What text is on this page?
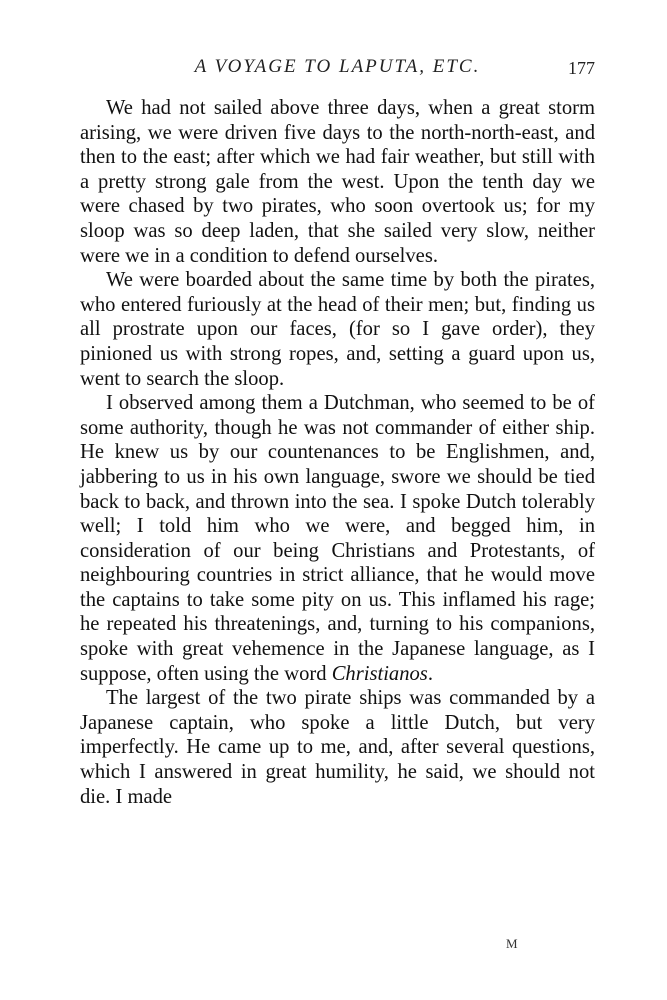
A VOYAGE TO LAPUTA, ETC.	177

We had not sailed above three days, when a great storm arising, we were driven five days to the north-north-east, and then to the east; after which we had fair weather, but still with a pretty strong gale from the west. Upon the tenth day we were chased by two pirates, who soon overtook us; for my sloop was so deep laden, that she sailed very slow, neither were we in a condition to defend ourselves.

We were boarded about the same time by both the pirates, who entered furiously at the head of their men; but, finding us all prostrate upon our faces, (for so I gave order), they pinioned us with strong ropes, and, setting a guard upon us, went to search the sloop.

I observed among them a Dutchman, who seemed to be of some authority, though he was not commander of either ship. He knew us by our countenances to be Englishmen, and, jabbering to us in his own language, swore we should be tied back to back, and thrown into the sea. I spoke Dutch tolerably well; I told him who we were, and begged him, in consideration of our being Christians and Protestants, of neighbouring countries in strict alliance, that he would move the captains to take some pity on us. This inflamed his rage; he repeated his threatenings, and, turning to his companions, spoke with great vehemence in the Japanese language, as I suppose, often using the word Christianos.

The largest of the two pirate ships was commanded by a Japanese captain, who spoke a little Dutch, but very imperfectly. He came up to me, and, after several questions, which I answered in great humility, he said, we should not die. I made

M
